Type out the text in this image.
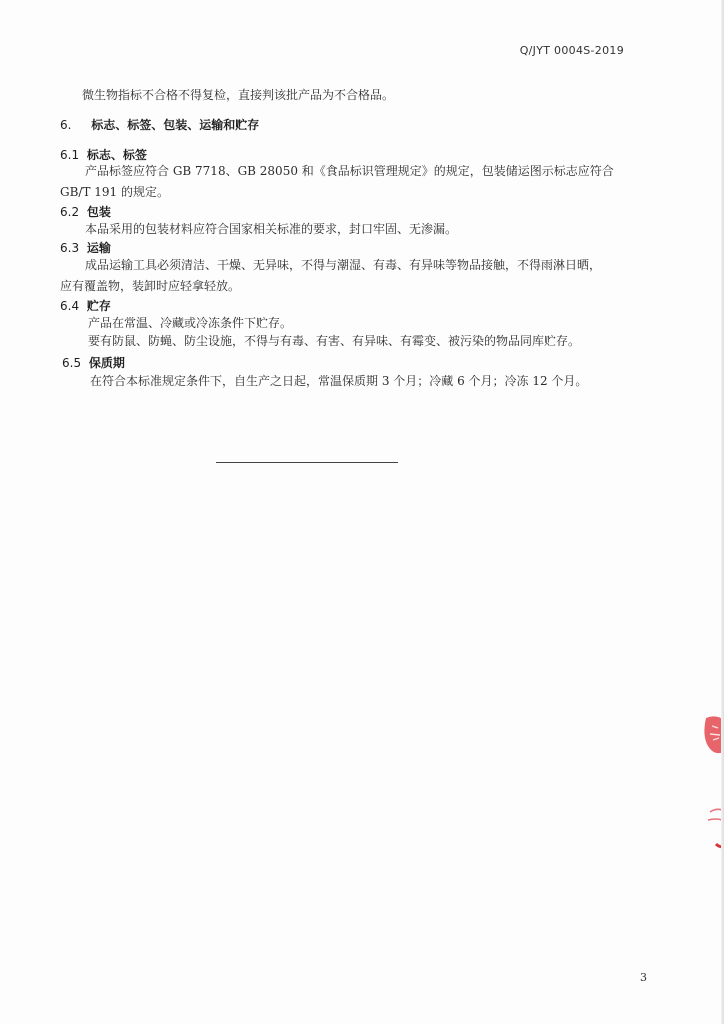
Q/JYT 0004S-2019
微生物指标不合格不得复检，直接判该批产品为不合格品。
6. 标志、标签、包装、运输和贮存
6.1 标志、标签
产品标签应符合 GB 7718、GB 28050 和《食品标识管理规定》的规定，包装储运图示标志应符合
GB/T 191 的规定。
6.2 包装
本品采用的包装材料应符合国家相关标准的要求，封口牢固、无渗漏。
6.3 运输
成品运输工具必须清洁、干燥、无异味，不得与潮湿、有毒、有异味等物品接触，不得雨淋日晒，
应有覆盖物，装卸时应轻拿轻放。
6.4 贮存
产品在常温、冷藏或冷冻条件下贮存。
要有防鼠、防蝇、防尘设施，不得与有毒、有害、有异味、有霉变、被污染的物品同库贮存。
6.5 保质期
在符合本标准规定条件下，自生产之日起，常温保质期 3 个月；冷藏 6 个月；冷冻 12 个月。
3
